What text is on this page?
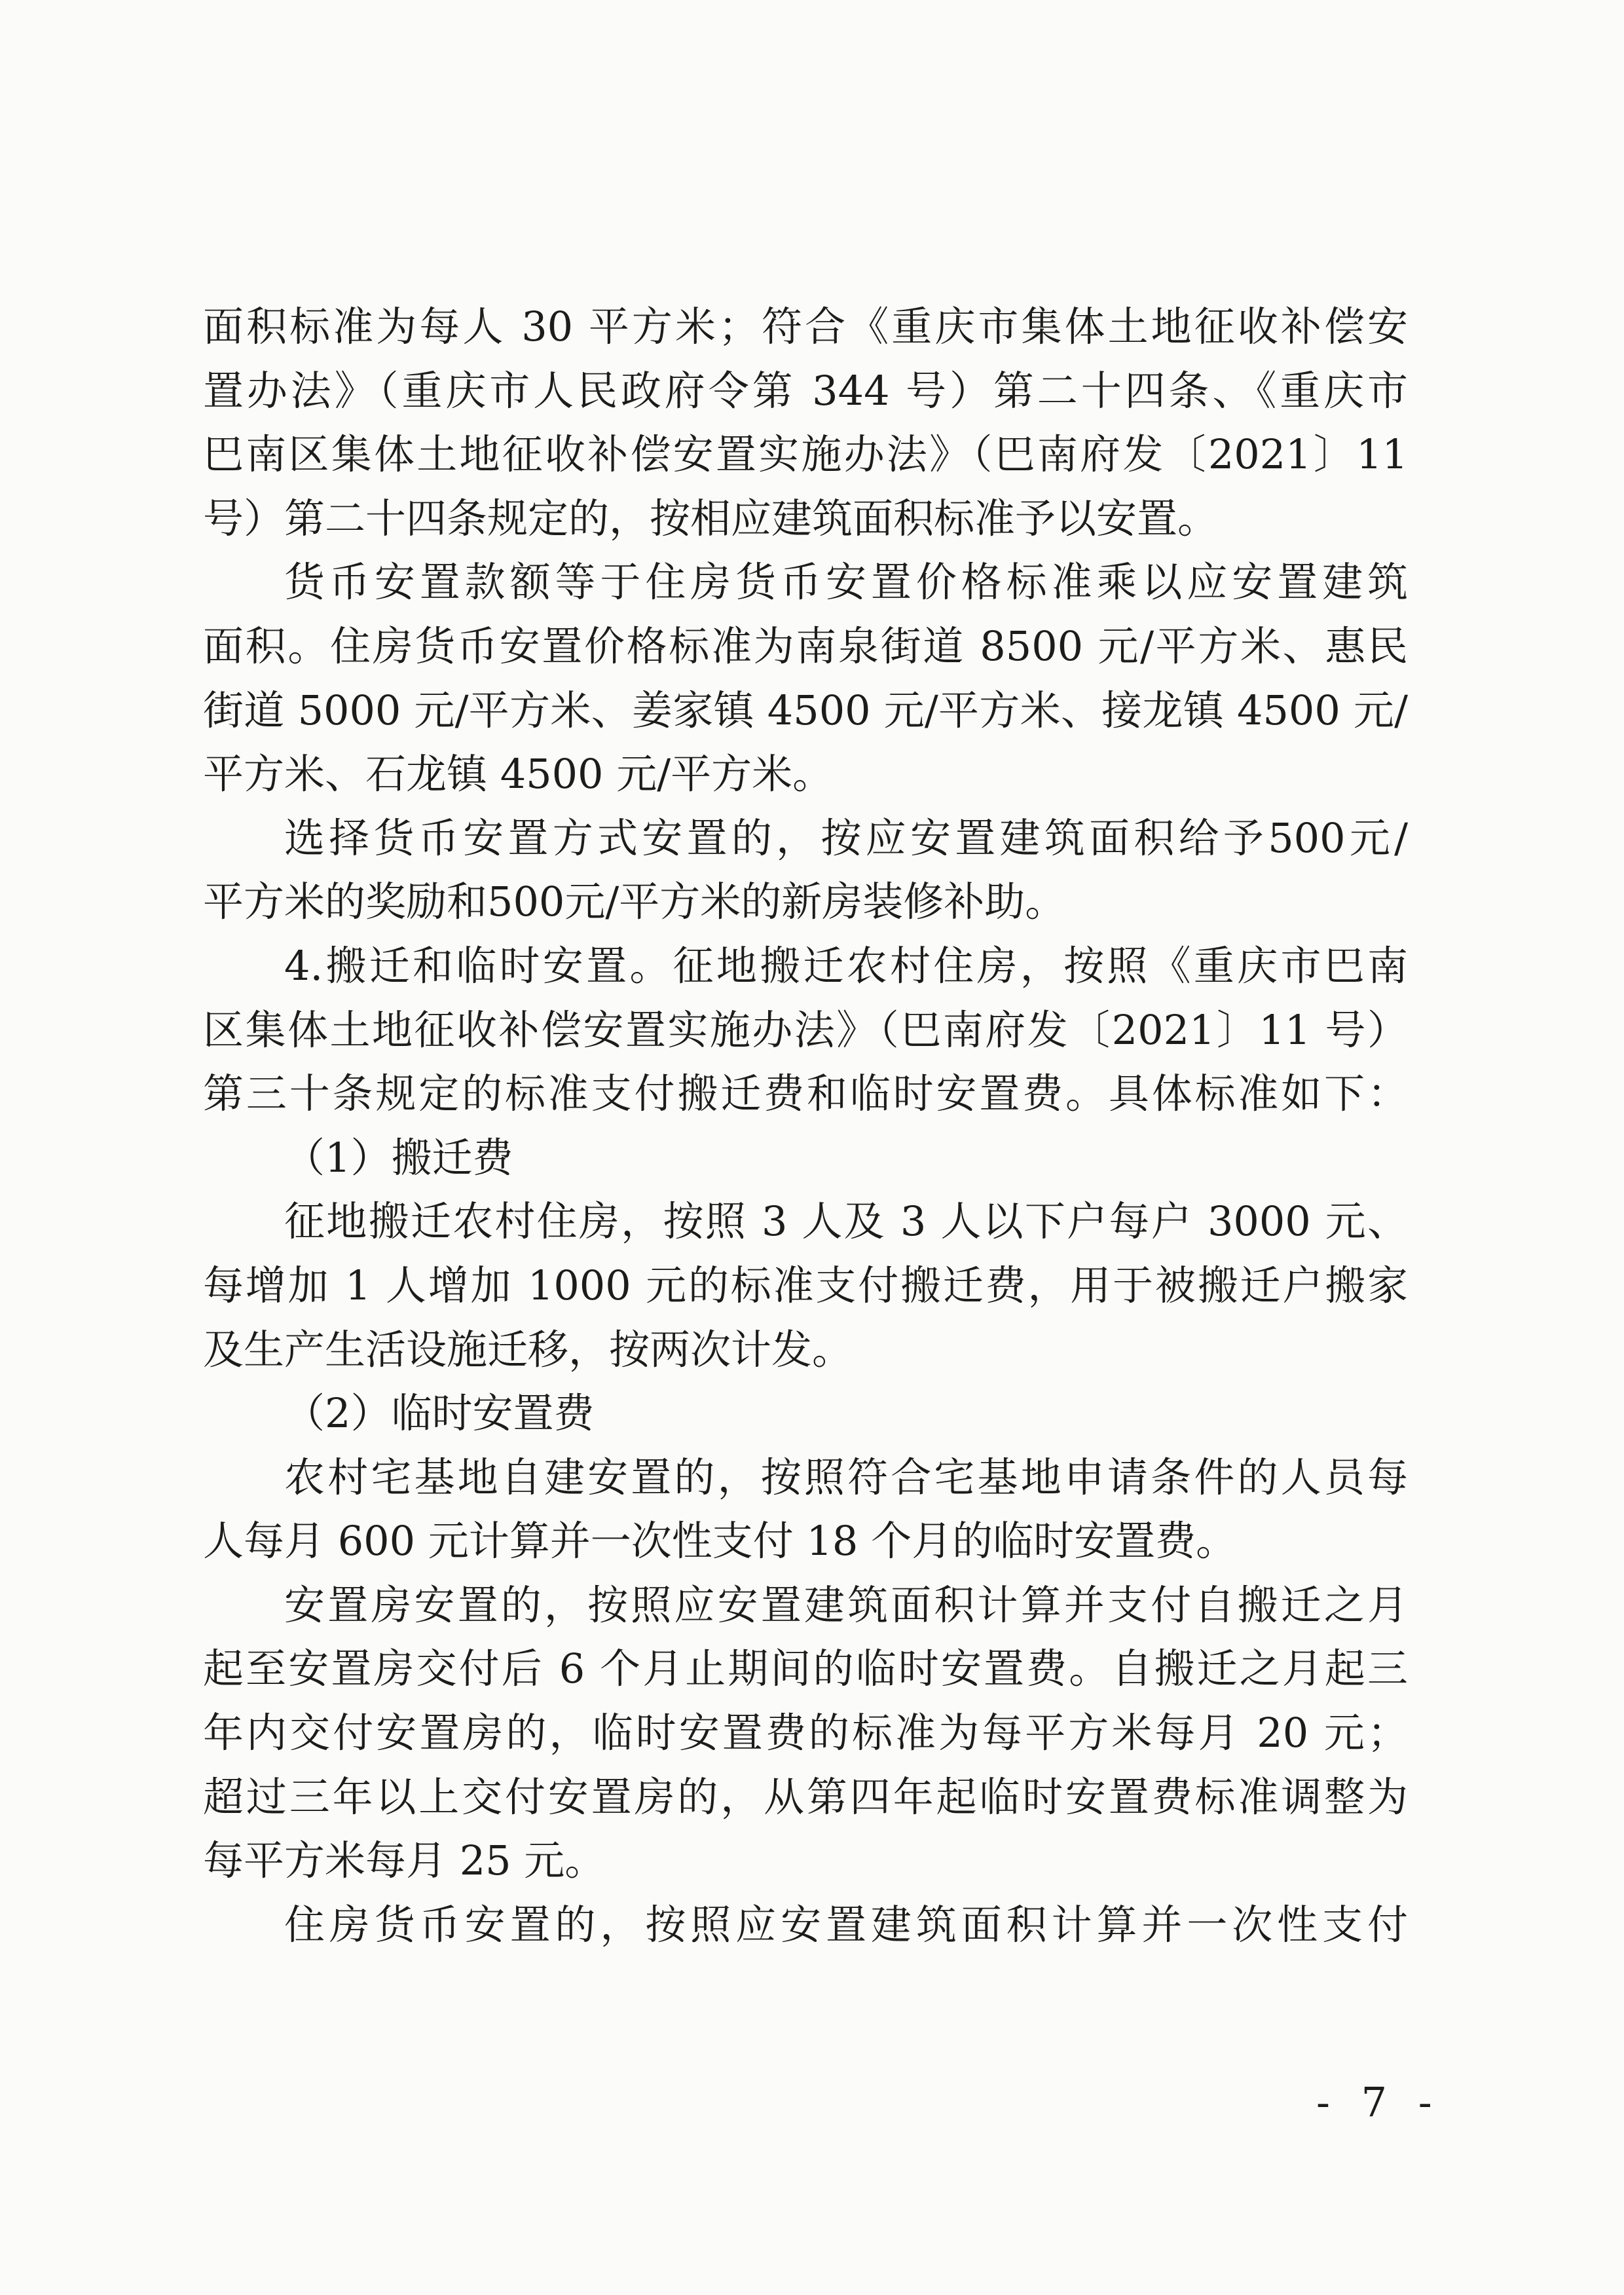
面积标准为每人 30 平方米；符合《重庆市集体土地征收补偿安
置办法》（重庆市人民政府令第 344 号）第二十四条、《重庆市
巴南区集体土地征收补偿安置实施办法》（巴南府发〔2021〕11
号）第二十四条规定的，按相应建筑面积标准予以安置。
货币安置款额等于住房货币安置价格标准乘以应安置建筑
面积。住房货币安置价格标准为南泉街道 8500 元/平方米、惠民
街道 5000 元/平方米、姜家镇 4500 元/平方米、接龙镇 4500 元/
平方米、石龙镇 4500 元/平方米。
选择货币安置方式安置的，按应安置建筑面积给予500元/
平方米的奖励和500元/平方米的新房装修补助。
4.搬迁和临时安置。征地搬迁农村住房，按照《重庆市巴南
区集体土地征收补偿安置实施办法》（巴南府发〔2021〕11 号）
第三十条规定的标准支付搬迁费和临时安置费。具体标准如下：
（1）搬迁费
征地搬迁农村住房，按照 3 人及 3 人以下户每户 3000 元、
每增加 1 人增加 1000 元的标准支付搬迁费，用于被搬迁户搬家
及生产生活设施迁移，按两次计发。
（2）临时安置费
农村宅基地自建安置的，按照符合宅基地申请条件的人员每
人每月 600 元计算并一次性支付 18 个月的临时安置费。
安置房安置的，按照应安置建筑面积计算并支付自搬迁之月
起至安置房交付后 6 个月止期间的临时安置费。自搬迁之月起三
年内交付安置房的，临时安置费的标准为每平方米每月 20 元；
超过三年以上交付安置房的，从第四年起临时安置费标准调整为
每平方米每月 25 元。
住房货币安置的，按照应安置建筑面积计算并一次性支付
- 7 -
